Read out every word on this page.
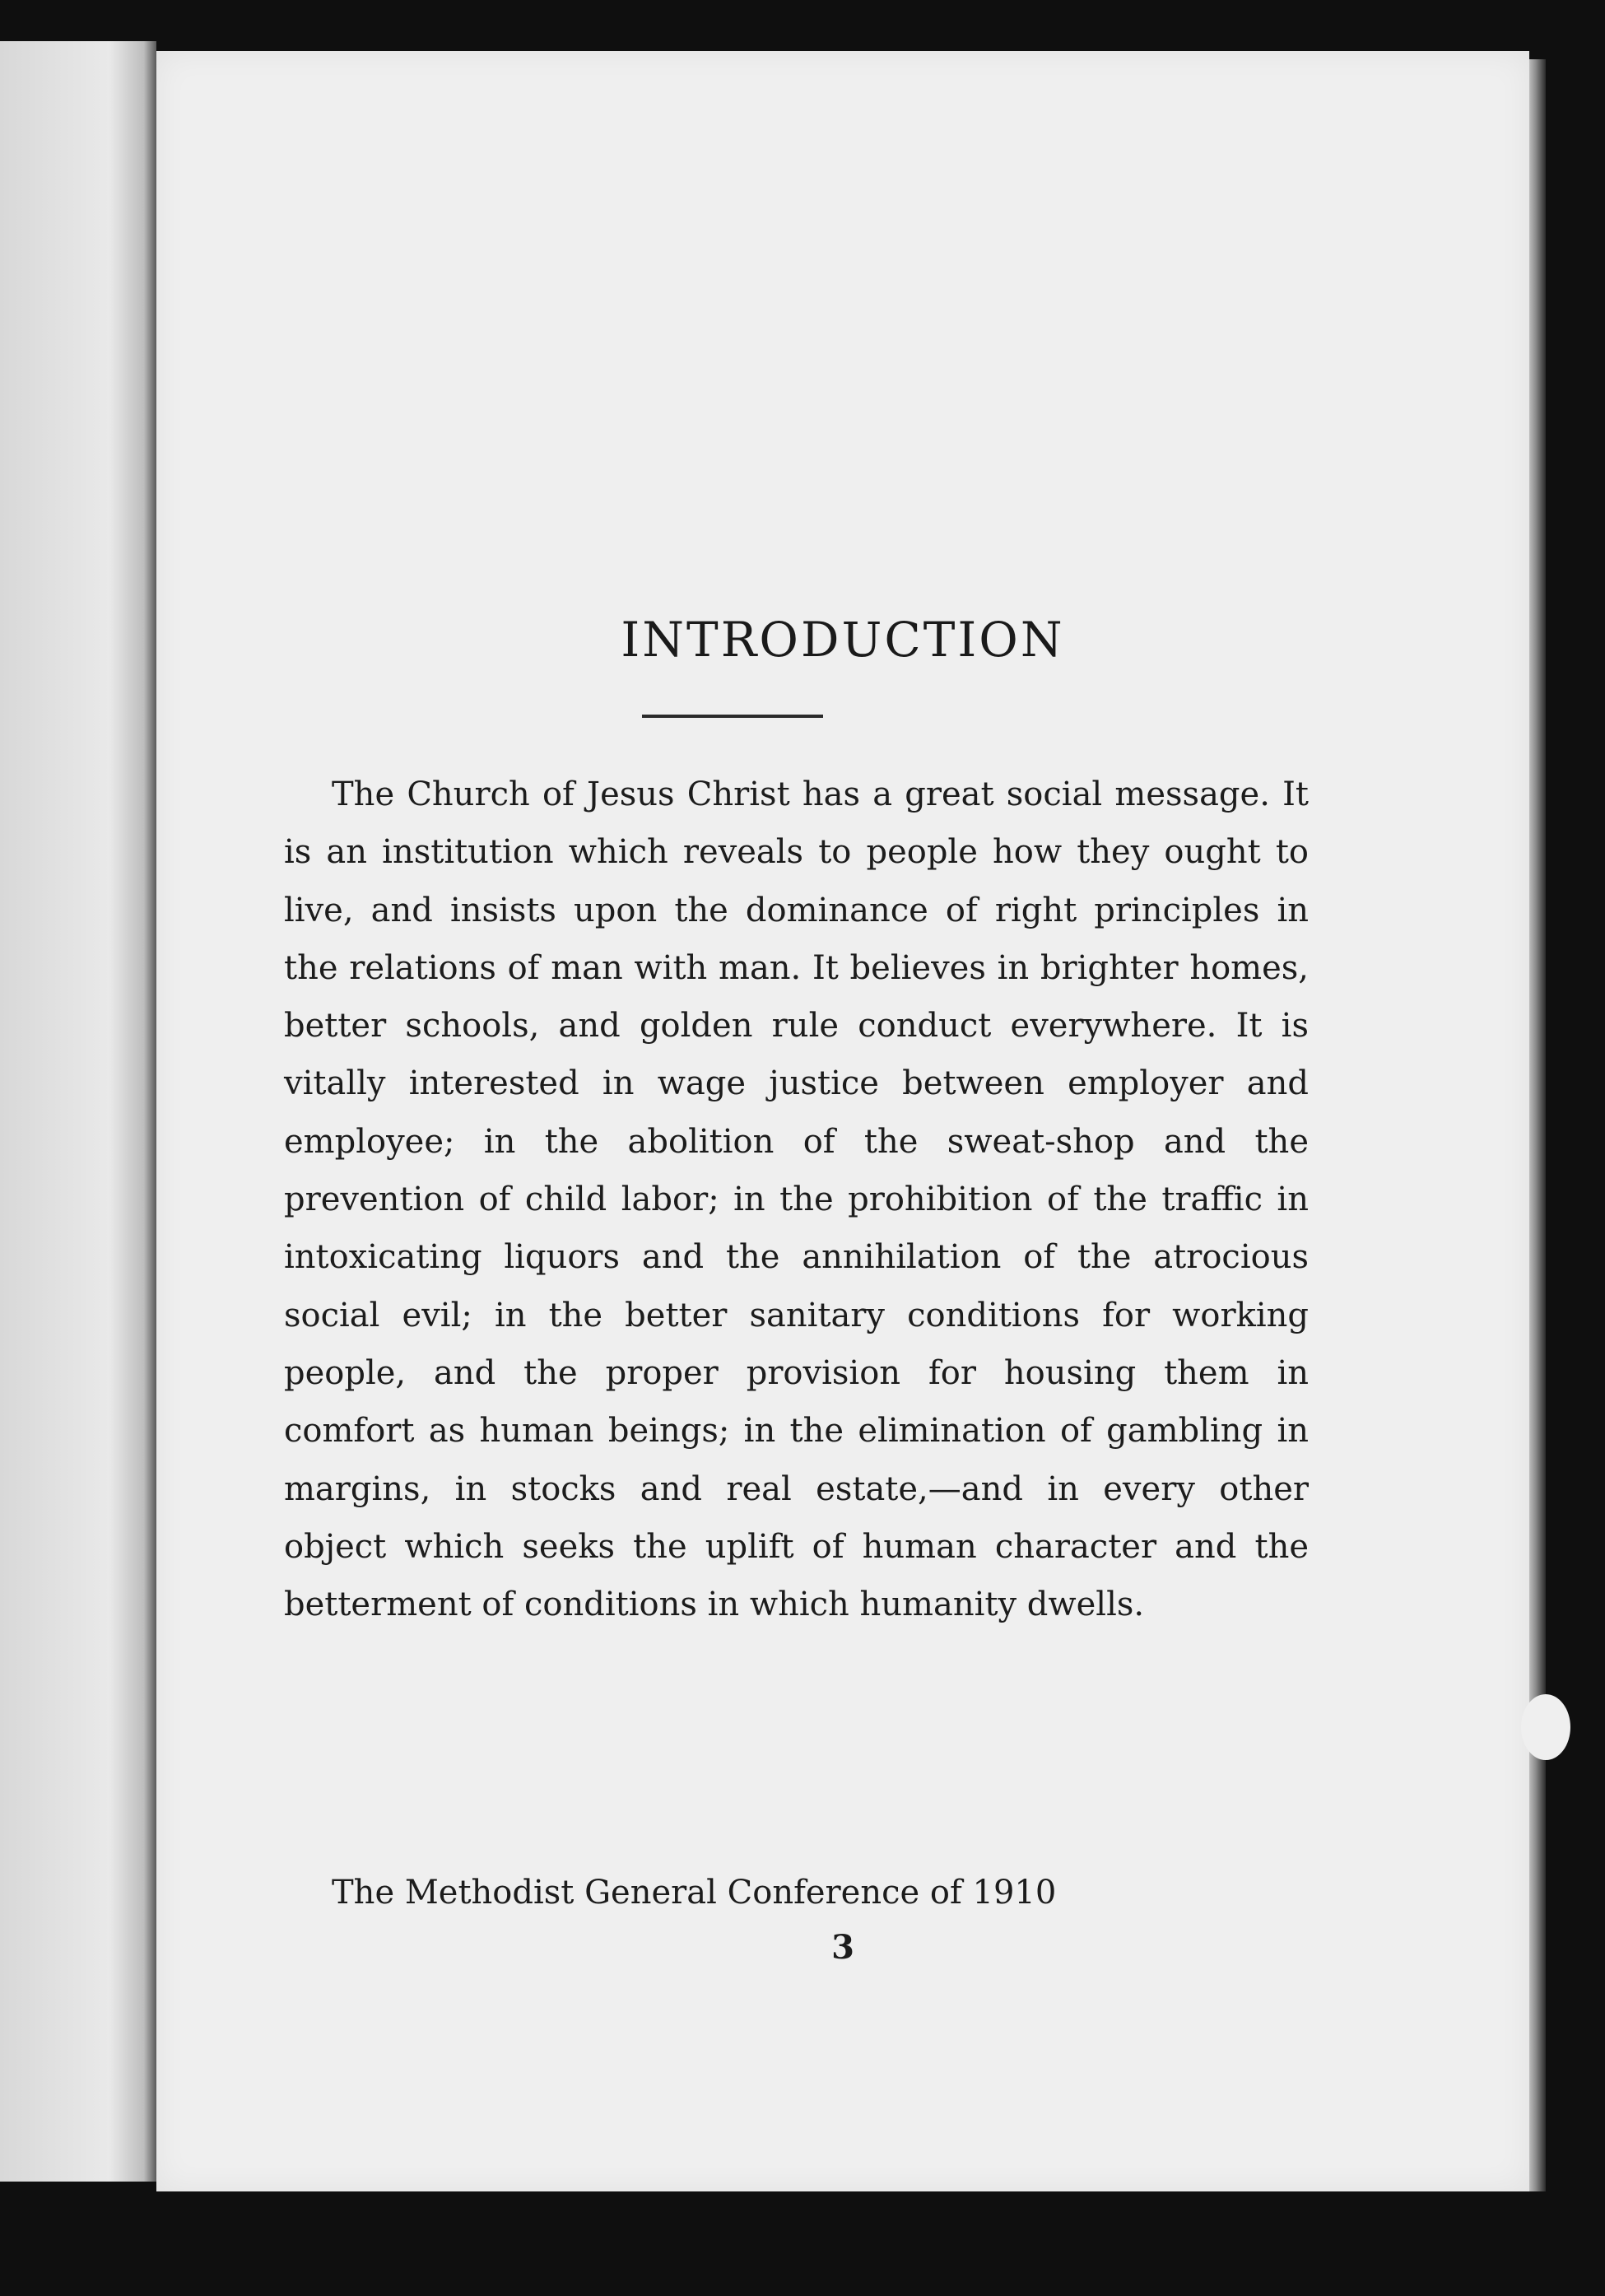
INTRODUCTION

The Church of Jesus Christ has a great social message. It is an institution which reveals to people how they ought to live, and insists upon the dominance of right principles in the relations of man with man. It believes in brighter homes, better schools, and golden rule conduct everywhere. It is vitally interested in wage justice between employer and employee; in the abolition of the sweat-shop and the prevention of child labor; in the prohibition of the traffic in intoxicating liquors and the annihilation of the atrocious social evil; in the better sanitary conditions for working people, and the proper provision for housing them in comfort as human beings; in the elimination of gambling in margins, in stocks and real estate,—and in every other object which seeks the uplift of human character and the betterment of conditions in which humanity dwells.

The Methodist General Conference of 1910

3
